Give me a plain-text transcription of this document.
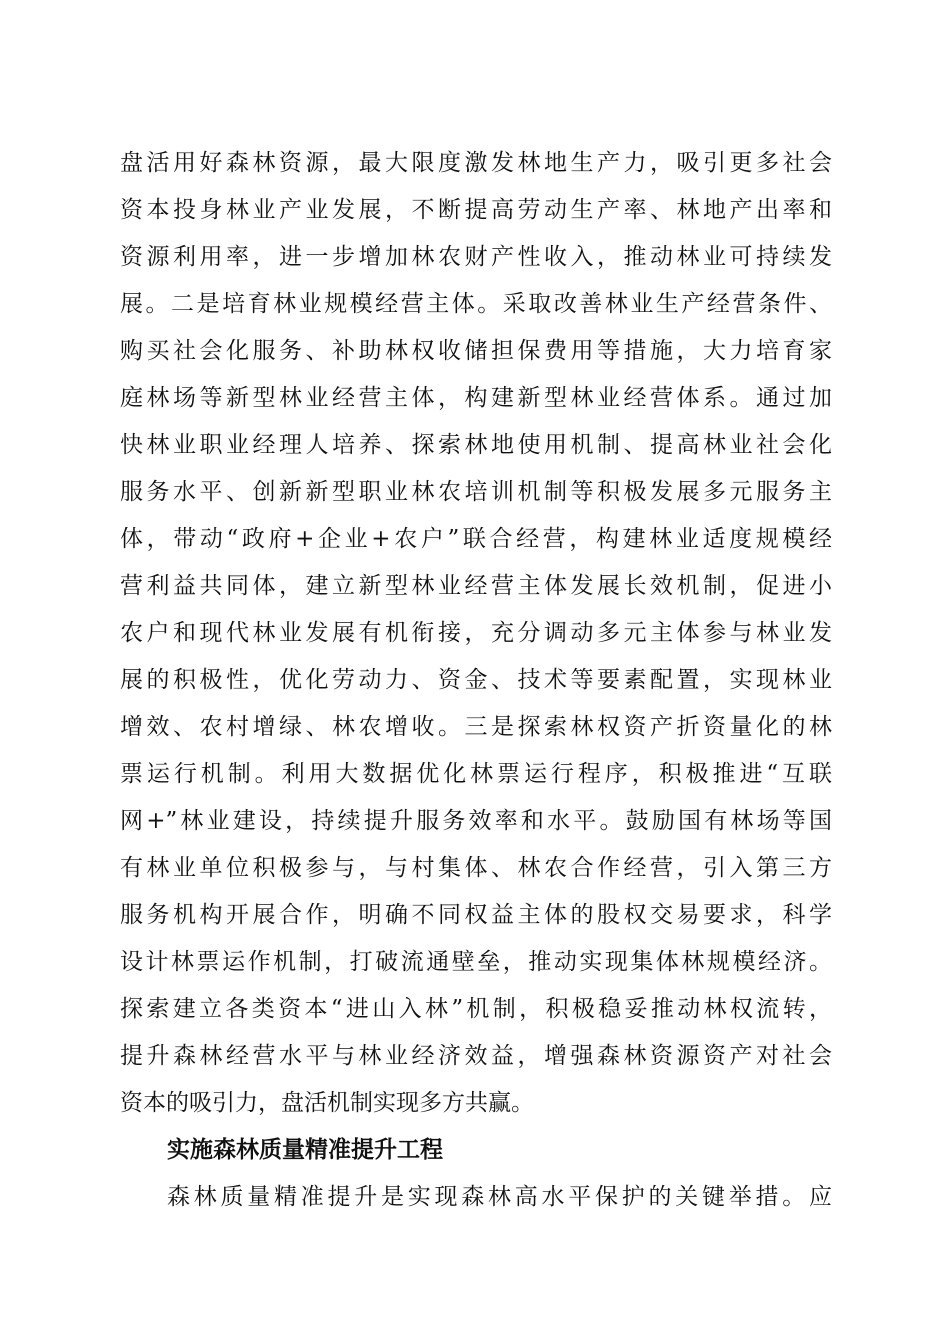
盘活用好森林资源，最大限度激发林地生产力，吸引更多社会
资本投身林业产业发展，不断提高劳动生产率、林地产出率和
资源利用率，进一步增加林农财产性收入，推动林业可持续发
展。二是培育林业规模经营主体。采取改善林业生产经营条件、
购买社会化服务、补助林权收储担保费用等措施，大力培育家
庭林场等新型林业经营主体，构建新型林业经营体系。通过加
快林业职业经理人培养、探索林地使用机制、提高林业社会化
服务水平、创新新型职业林农培训机制等积极发展多元服务主
体，带动“政府+企业+农户”联合经营，构建林业适度规模经
营利益共同体，建立新型林业经营主体发展长效机制，促进小
农户和现代林业发展有机衔接，充分调动多元主体参与林业发
展的积极性，优化劳动力、资金、技术等要素配置，实现林业
增效、农村增绿、林农增收。三是探索林权资产折资量化的林
票运行机制。利用大数据优化林票运行程序，积极推进“互联
网+”林业建设，持续提升服务效率和水平。鼓励国有林场等国
有林业单位积极参与，与村集体、林农合作经营，引入第三方
服务机构开展合作，明确不同权益主体的股权交易要求，科学
设计林票运作机制，打破流通壁垒，推动实现集体林规模经济。
探索建立各类资本“进山入林”机制，积极稳妥推动林权流转，
提升森林经营水平与林业经济效益，增强森林资源资产对社会
资本的吸引力，盘活机制实现多方共赢。
实施森林质量精准提升工程
森林质量精准提升是实现森林高水平保护的关键举措。应
